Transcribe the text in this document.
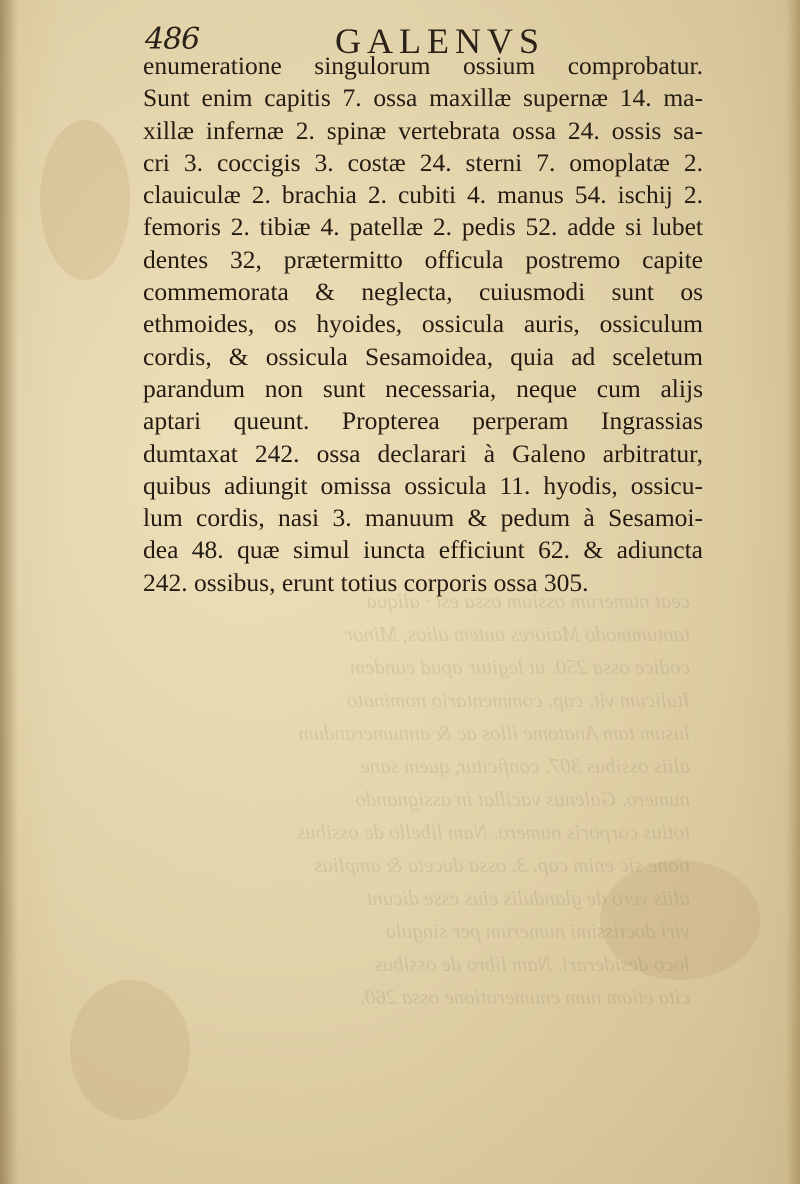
ceat numerum ossium ossa est · aliqua
tantummodo Maiores autem alios, Minor
codice ossa 250. ut legitur apud eundem
Italicum vit. cap. commentario nominato
lusum tam Anatome illos ac & annumerandum
aliis ossibus 307. conficitur, quem sane
numero. Galenus vacillat in assignando
totius corporis numero. Nam libello de ossibus
tione sic enim cap. 3. ossa duceta & amplius
aliis vero de glandulis eius esse dicunt
viri doctissimi numerum per singula
loco desiderari. Nam libro de ossibus
cita etiam num enumeratione ossa 260.
486	GALENVS
enumeratione singulorum ossium comprobatur.
Sunt enim capitis 7. ossa maxillæ supernæ 14. ma-
xillæ infernæ 2. spinæ vertebrata ossa 24. ossis sa-
cri 3. coccigis 3. costæ 24. sterni 7. omoplatæ 2.
clauiculæ 2. brachia 2. cubiti 4. manus 54. ischij 2.
femoris 2. tibiæ 4. patellæ 2. pedis 52. adde si lubet
dentes 32, prætermitto officula postremo capite
commemorata & neglecta, cuiusmodi sunt os
ethmoides, os hyoides, ossicula auris, ossiculum
cordis, & ossicula Sesamoidea, quia ad sceletum
parandum non sunt necessaria, neque cum alijs
aptari queunt. Propterea perperam Ingrassias
dumtaxat 242. ossa declarari à Galeno arbitratur,
quibus adiungit omissa ossicula 11. hyodis, ossicu-
lum cordis, nasi 3. manuum & pedum à Sesamoi-
dea 48. quæ simul iuncta efficiunt 62. & adiuncta
242. ossibus, erunt totius corporis ossa 305.
